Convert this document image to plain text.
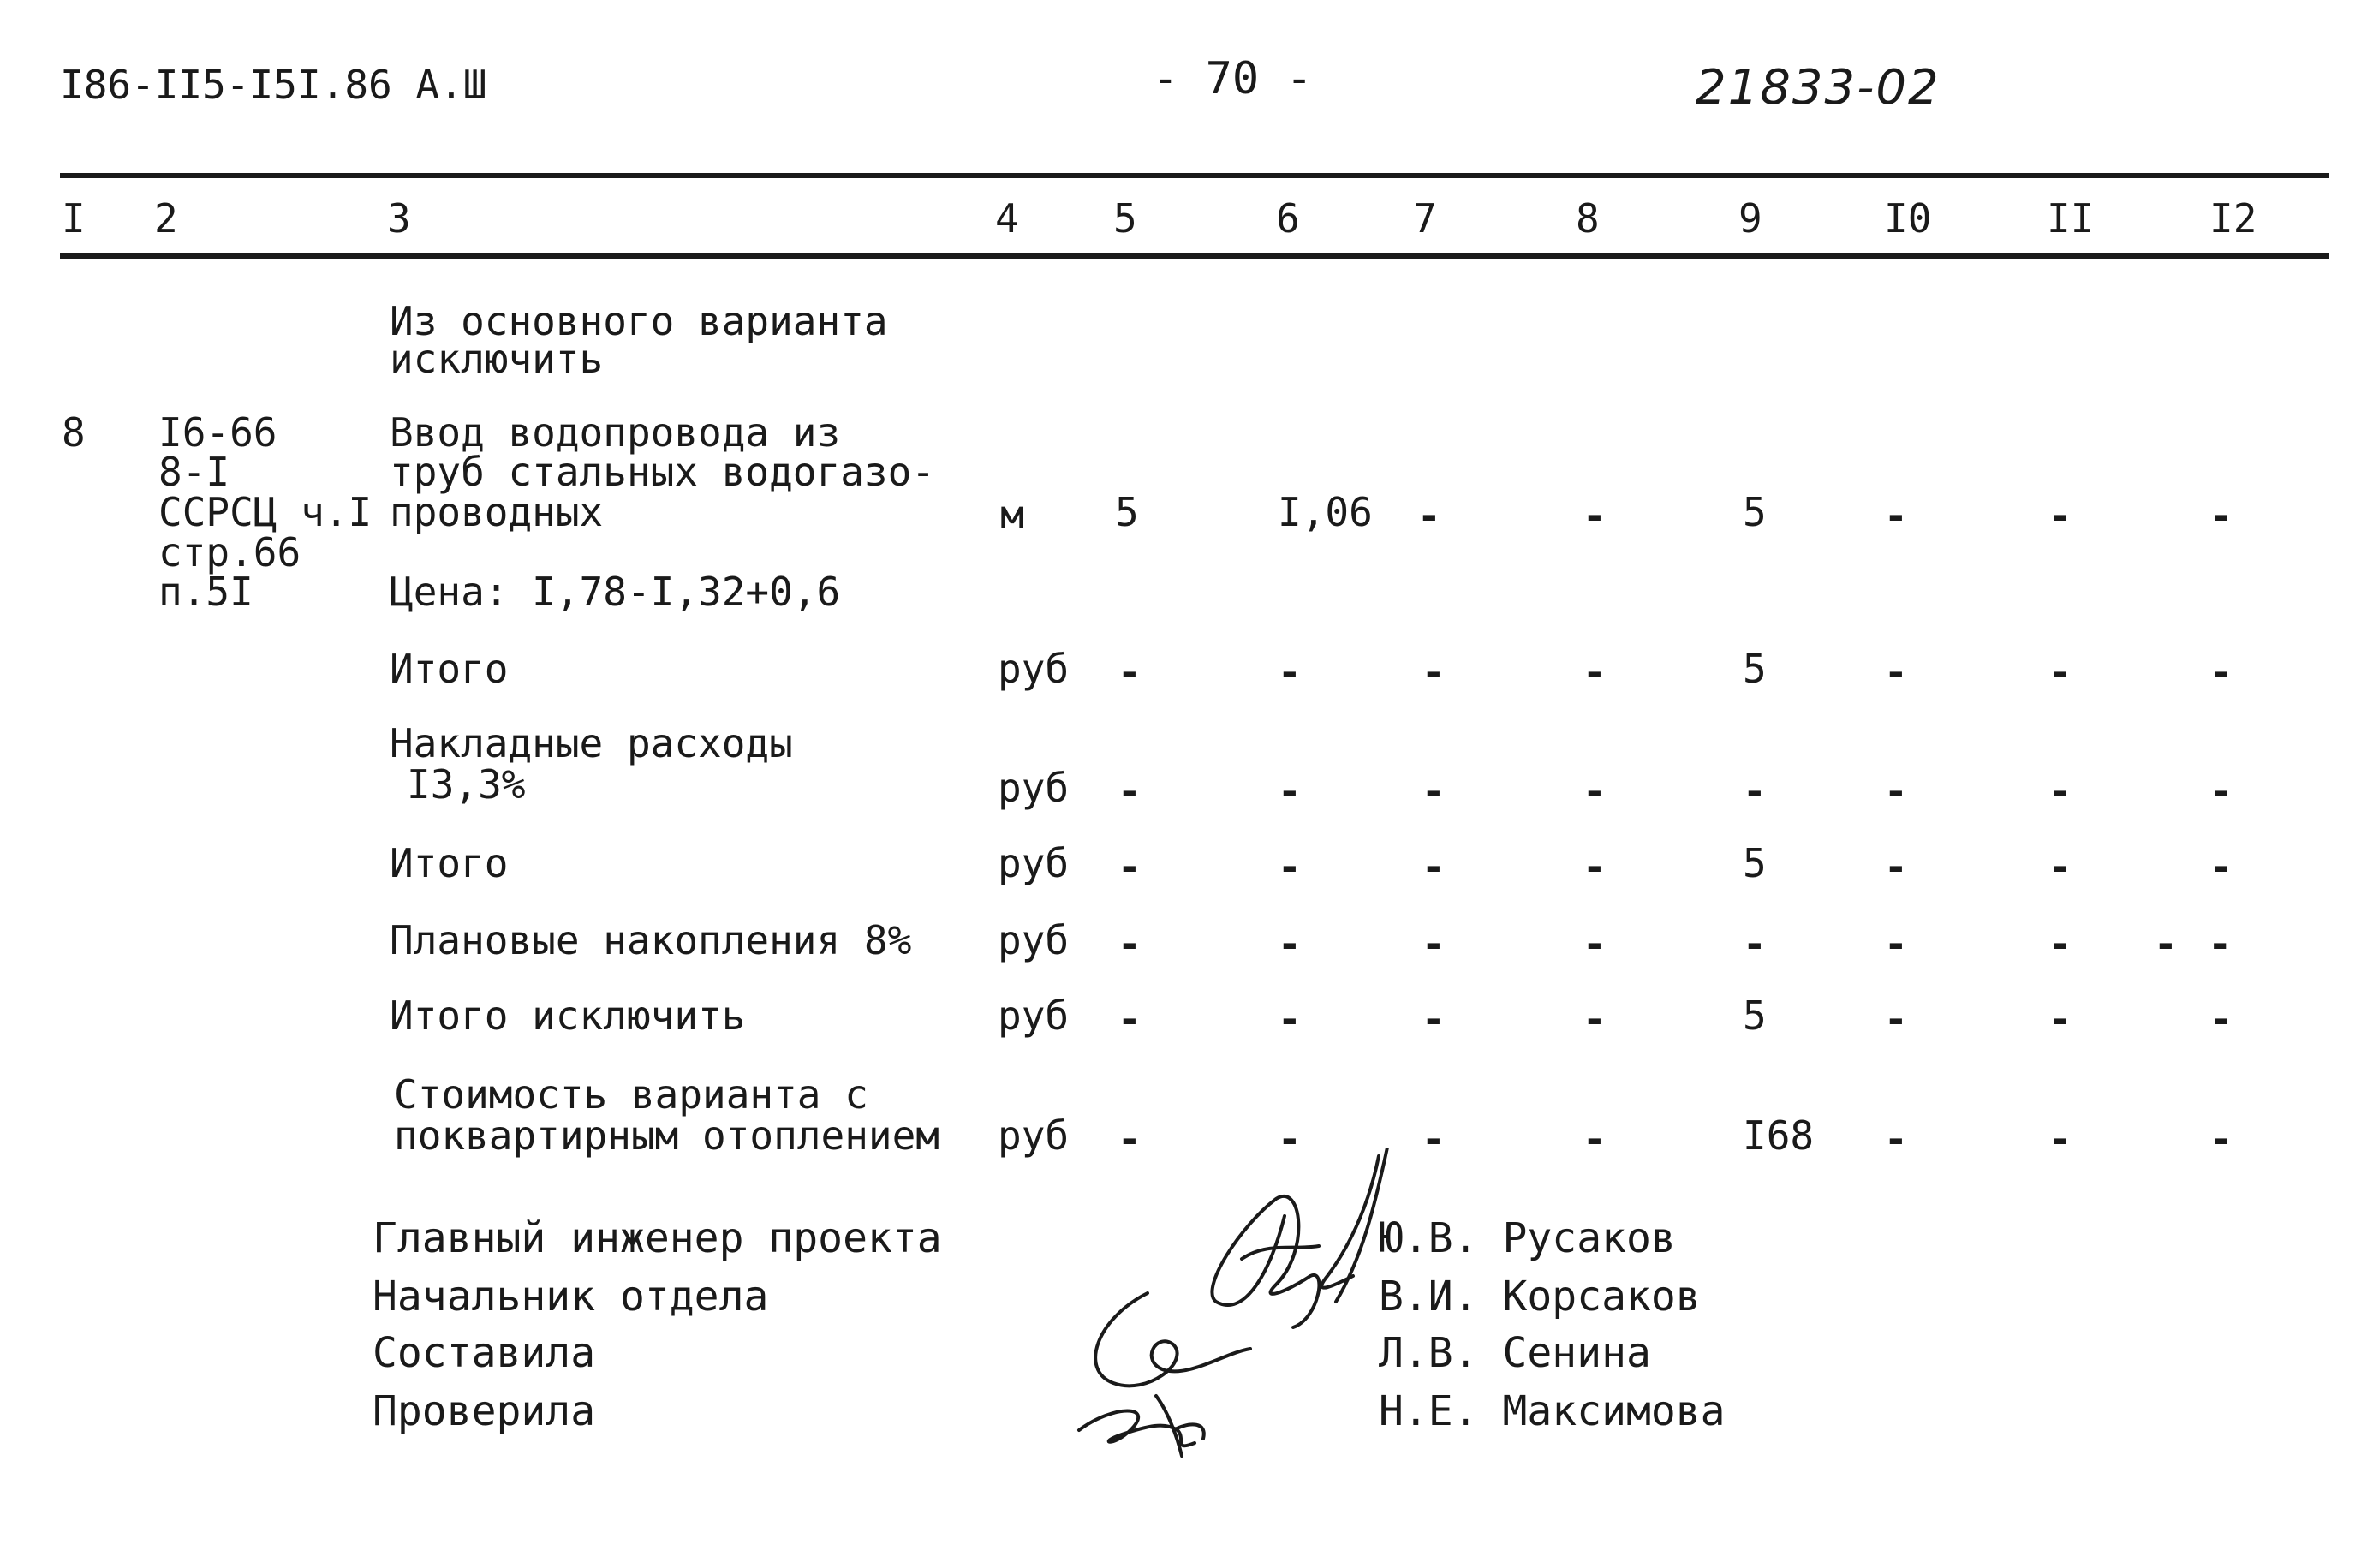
I86-II5-I5I.86 А.Ш	- 70 -	21833-02
I 2	3	4 5	6	7	8	9	I0	II	I2
Из основного варианта
исключить
8 I6-66
8-I
ССРСЦ ч.I
стр.66
п.5I
Ввод водопровода из
труб стальных водогазо-
проводных	м 5	I,06 -	-	5	-	-	-
Цена: I,78-I,32+0,6
Итого	руб -	-	-	-	5	-	-	-
Накладные расходы
I3,3%	руб -	-	-	-	-	-	-	-
Итого	руб -	-	-	-	5	-	-	-
Плановые накопления 8% руб -	-	-	-	-	-	- - -
Итого исключить	руб -	-	-	-	5	-	-	-
Стоимость варианта с
поквартирным отоплением руб -	-	-	-	I68 -	-	-
Главный инженер проекта
Начальник отдела
Составила
Проверила
Ю.В. Русаков
В.И. Корсаков
Л.В. Сенина
Н.Е. Максимова
